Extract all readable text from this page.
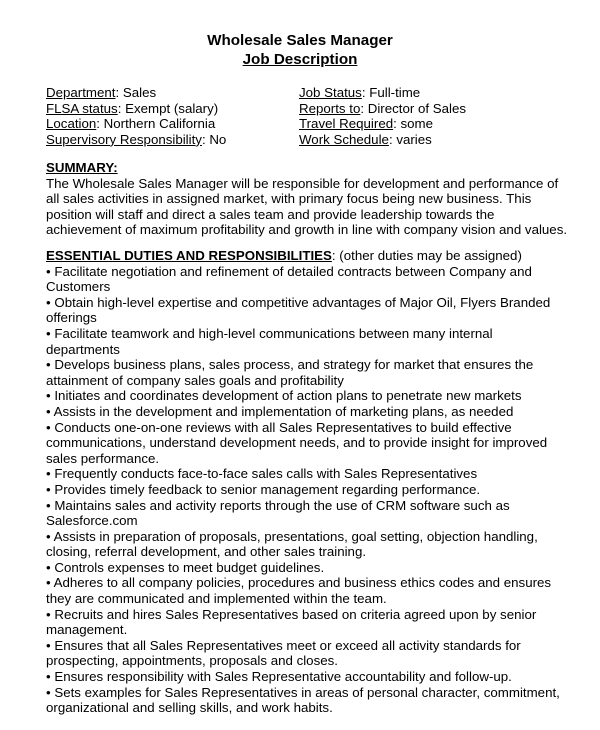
Wholesale Sales Manager
Job Description
Department: Sales	Job Status: Full-time
FLSA status: Exempt (salary)	Reports to: Director of Sales
Location: Northern California	Travel Required: some
Supervisory Responsibility: No	Work Schedule: varies
SUMMARY:
The Wholesale Sales Manager will be responsible for development and performance of
all sales activities in assigned market, with primary focus being new business. This
position will staff and direct a sales team and provide leadership towards the
achievement of maximum profitability and growth in line with company vision and values.
ESSENTIAL DUTIES AND RESPONSIBILITIES: (other duties may be assigned)
• Facilitate negotiation and refinement of detailed contracts between Company and
Customers
• Obtain high-level expertise and competitive advantages of Major Oil, Flyers Branded
offerings
• Facilitate teamwork and high-level communications between many internal
departments
• Develops business plans, sales process, and strategy for market that ensures the
attainment of company sales goals and profitability
• Initiates and coordinates development of action plans to penetrate new markets
• Assists in the development and implementation of marketing plans, as needed
• Conducts one-on-one reviews with all Sales Representatives to build effective
communications, understand development needs, and to provide insight for improved
sales performance.
• Frequently conducts face-to-face sales calls with Sales Representatives
• Provides timely feedback to senior management regarding performance.
• Maintains sales and activity reports through the use of CRM software such as
Salesforce.com
• Assists in preparation of proposals, presentations, goal setting, objection handling,
closing, referral development, and other sales training.
• Controls expenses to meet budget guidelines.
• Adheres to all company policies, procedures and business ethics codes and ensures
they are communicated and implemented within the team.
• Recruits and hires Sales Representatives based on criteria agreed upon by senior
management.
• Ensures that all Sales Representatives meet or exceed all activity standards for
prospecting, appointments, proposals and closes.
• Ensures responsibility with Sales Representative accountability and follow-up.
• Sets examples for Sales Representatives in areas of personal character, commitment,
organizational and selling skills, and work habits.
